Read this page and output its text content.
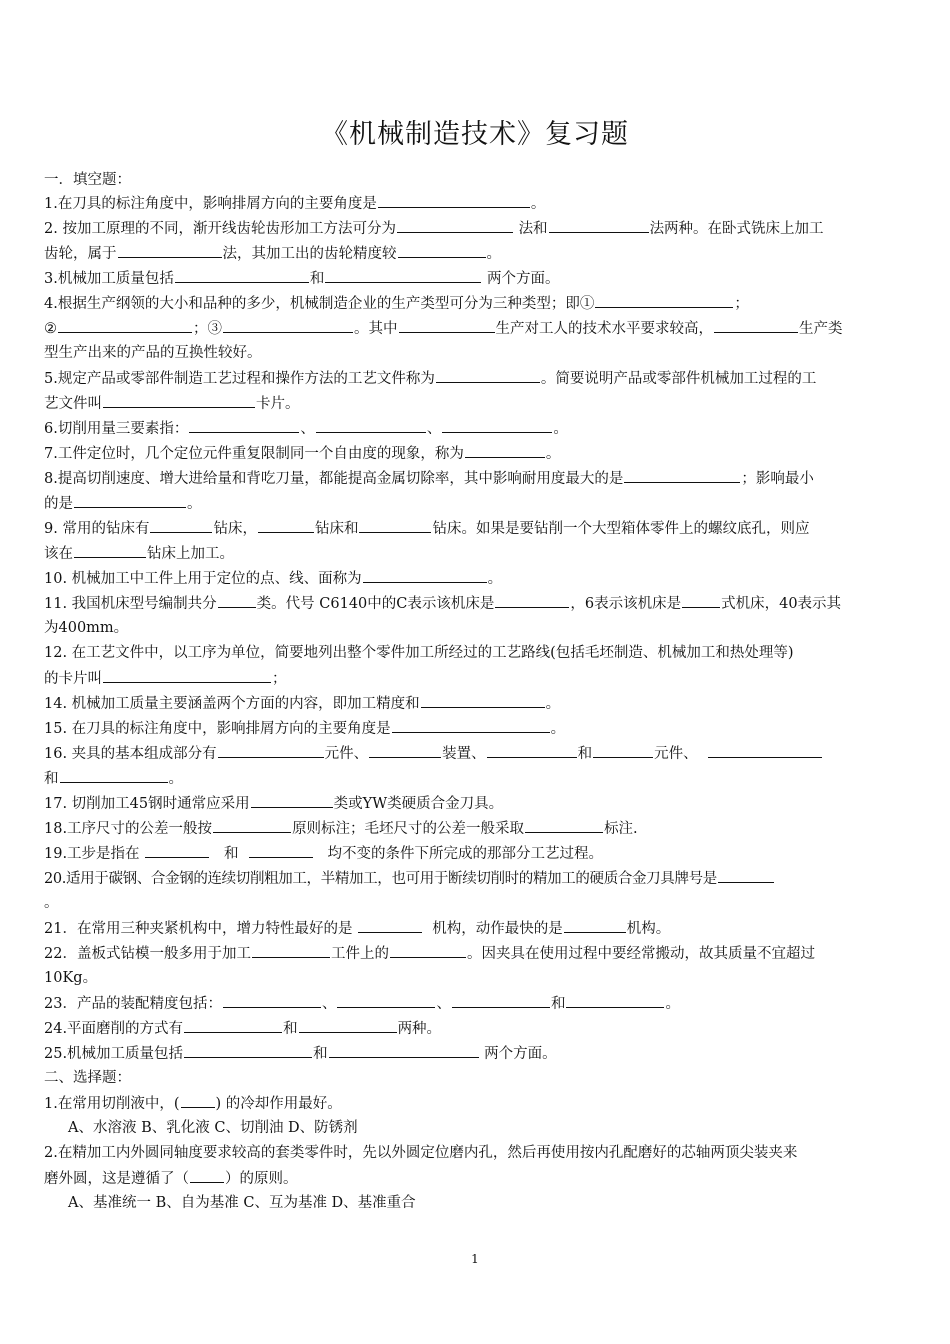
《机械制造技术》复习题
一．填空题：
1.在刀具的标注角度中，影响排屑方向的主要角度是	。
2. 按加工原理的不同，渐开线齿轮齿形加工方法可分为	法和	法两种。在卧式铣床上加工
齿轮，属于	法，其加工出的齿轮精度较	。
3.机械加工质量包括	和	两个方面。
4.根据生产纲领的大小和品种的多少，机械制造企业的生产类型可分为三种类型；即①	；
②	；③	。其中	生产对工人的技术水平要求较高，	生产类
型生产出来的产品的互换性较好。
5.规定产品或零部件制造工艺过程和操作方法的工艺文件称为	。简要说明产品或零部件机械加工过程的工
艺文件叫	卡片。
6.切削用量三要素指：	、	、	。
7.工件定位时，几个定位元件重复限制同一个自由度的现象，称为	。
8.提高切削速度、增大进给量和背吃刀量，都能提高金属切除率，其中影响耐用度最大的是	；影响最小
的是	。
9. 常用的钻床有	钻床，	钻床和	钻床。如果是要钻削一个大型箱体零件上的螺纹底孔，则应
该在	钻床上加工。
10. 机械加工中工件上用于定位的点、线、面称为	。
11. 我国机床型号编制共分	类。代号 C6140中的C表示该机床是	，6表示该机床是	式机床，40表示其
为400mm。
12. 在工艺文件中，以工序为单位，简要地列出整个零件加工所经过的工艺路线(包括毛坯制造、机械加工和热处理等)
的卡片叫	；
14. 机械加工质量主要涵盖两个方面的内容，即加工精度和	。
15. 在刀具的标注角度中，影响排屑方向的主要角度是	。
16. 夹具的基本组成部分有	元件、	装置、	和	元件、
和	。
17. 切削加工45钢时通常应采用	类或YW类硬质合金刀具。
18.工序尺寸的公差一般按	原则标注；毛坯尺寸的公差一般采取	标注.
19.工步是指在	和	均不变的条件下所完成的那部分工艺过程。
20.适用于碳钢、合金钢的连续切削粗加工，半精加工，也可用于断续切削时的精加工的硬质合金刀具牌号是
。
21．在常用三种夹紧机构中，增力特性最好的是	机构，动作最快的是	机构。
22．盖板式钻模一般多用于加工	工件上的	。因夹具在使用过程中要经常搬动，故其质量不宜超过
10Kg。
23．产品的装配精度包括：	、	、	和	。
24.平面磨削的方式有	和	两种。
25.机械加工质量包括	和	两个方面。
二、选择题：
1.在常用切削液中，( ) 的冷却作用最好。
A、水溶液 B、乳化液 C、切削油 D、防锈剂
2.在精加工内外圆同轴度要求较高的套类零件时，先以外圆定位磨内孔，然后再使用按内孔配磨好的芯轴两顶尖装夹来
磨外圆，这是遵循了（ ）的原则。
A、基准统一 B、自为基准 C、互为基准 D、基准重合
1
